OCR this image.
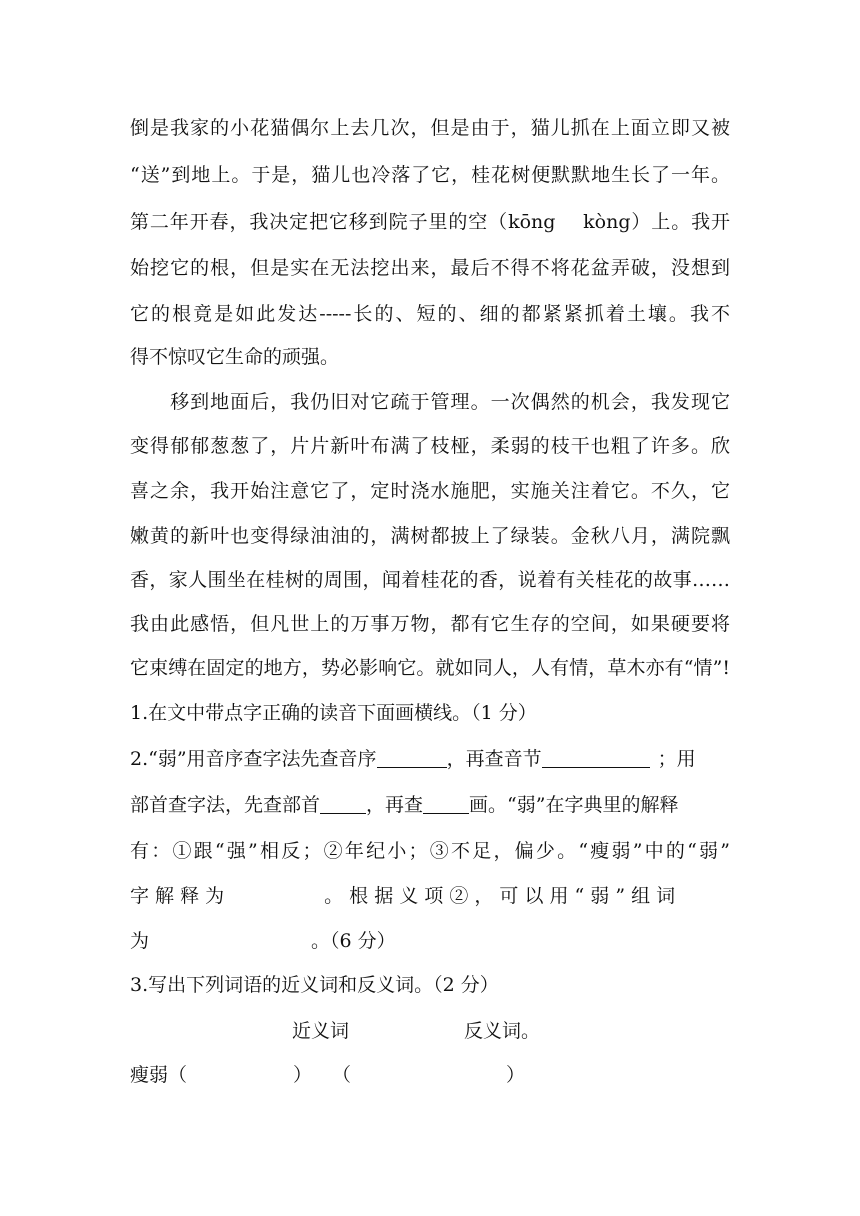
倒是我家的小花猫偶尔上去几次，但是由于，猫儿抓在上面立即又被
“送”到地上。于是，猫儿也冷落了它，桂花树便默默地生长了一年。
第二年开春，我决定把它移到院子里的空（kōng　 kòng）上。我开
始挖它的根，但是实在无法挖出来，最后不得不将花盆弄破，没想到
它的根竟是如此发达-----长的、短的、细的都紧紧抓着土壤。我不
得不惊叹它生命的顽强。
　　移到地面后，我仍旧对它疏于管理。一次偶然的机会，我发现它
变得郁郁葱葱了，片片新叶布满了枝桠，柔弱的枝干也粗了许多。欣
喜之余，我开始注意它了，定时浇水施肥，实施关注着它。不久，它
嫩黄的新叶也变得绿油油的，满树都披上了绿装。金秋八月，满院飘
香，家人围坐在桂树的周围，闻着桂花的香，说着有关桂花的故事……
我由此感悟，但凡世上的万事万物，都有它生存的空间，如果硬要将
它束缚在固定的地方，势必影响它。就如同人，人有情，草木亦有“情”!
1.在文中带点字正确的读音下面画横线。（1 分）
2.“弱”用音序查字法先查音序	，再查音节	；用
部首查字法，先查部首 ，再查 画。“弱”在字典里的解释
有：①跟“强”相反；②年纪小；③不足，偏少。“瘦弱”中的“弱”
字 解 释 为	。 根 据 义 项 ② ， 可 以 用 “ 弱 ” 组 词
为	。（6 分）
3.写出下列词语的近义词和反义词。（2 分）
近义词	反义词。
瘦弱（	） （	）
